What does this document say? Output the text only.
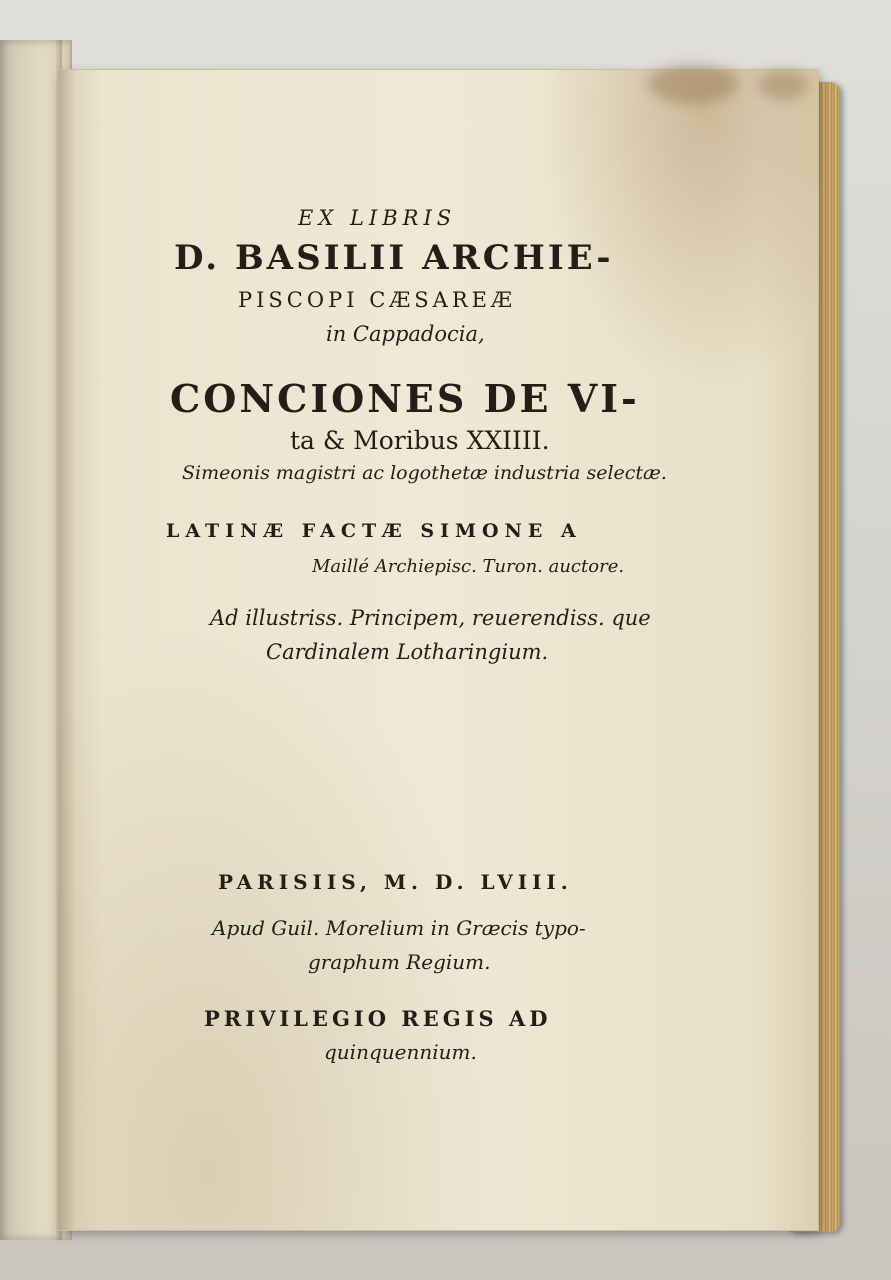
EX LIBRIS
D. BASILII ARCHIE-
PISCOPI CÆSAREÆ
in Cappadocia,
CONCIONES DE VI-
ta & Moribus XXIIII.
Simeonis magistri ac logothetæ industria selectæ.
LATINÆ FACTÆ SIMONE A
Maillé Archiepisc. Turon. auctore.
Ad illustriss. Principem, reuerendiss. que
Cardinalem Lotharingium.
PARISIIS, M. D. LVIII.
Apud Guil. Morelium in Græcis typo-
graphum Regium.
PRIVILEGIO REGIS AD
quinquennium.
